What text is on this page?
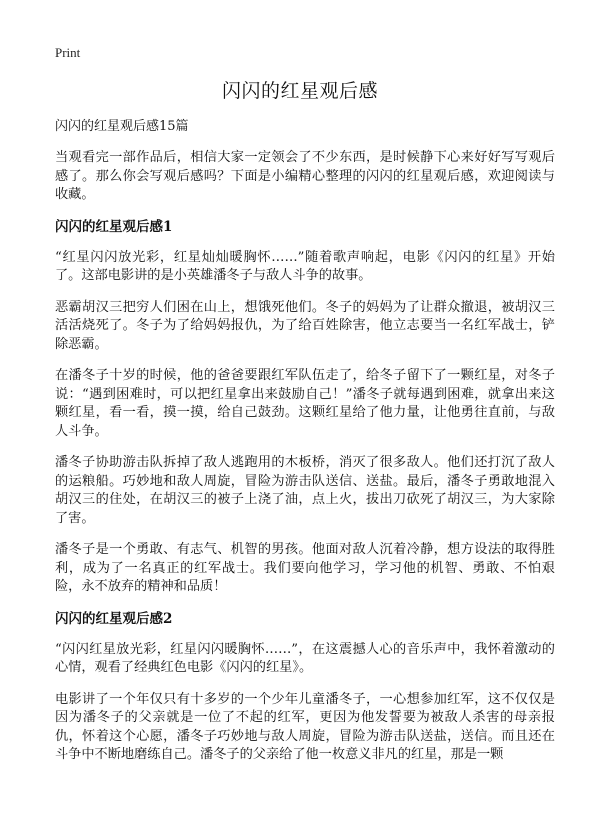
Print
闪闪的红星观后感

闪闪的红星观后感15篇

当观看完一部作品后，相信大家一定领会了不少东西，是时候静下心来好好写写观后感了。那么你会写观后感吗？下面是小编精心整理的闪闪的红星观后感，欢迎阅读与收藏。

闪闪的红星观后感1

“红星闪闪放光彩，红星灿灿暖胸怀……”随着歌声响起，电影《闪闪的红星》开始了。这部电影讲的是小英雄潘冬子与敌人斗争的故事。

恶霸胡汉三把穷人们困在山上，想饿死他们。冬子的妈妈为了让群众撤退，被胡汉三活活烧死了。冬子为了给妈妈报仇，为了给百姓除害，他立志要当一名红军战士，铲除恶霸。

在潘冬子十岁的时候，他的爸爸要跟红军队伍走了，给冬子留下了一颗红星，对冬子说：“遇到困难时，可以把红星拿出来鼓励自己！”潘冬子就每遇到困难，就拿出来这颗红星，看一看，摸一摸，给自己鼓劲。这颗红星给了他力量，让他勇往直前，与敌人斗争。

潘冬子协助游击队拆掉了敌人逃跑用的木板桥，消灭了很多敌人。他们还打沉了敌人的运粮船。巧妙地和敌人周旋，冒险为游击队送信、送盐。最后，潘冬子勇敢地混入胡汉三的住处，在胡汉三的被子上浇了油，点上火，拔出刀砍死了胡汉三，为大家除了害。

潘冬子是一个勇敢、有志气、机智的男孩。他面对敌人沉着冷静，想方设法的取得胜利，成为了一名真正的红军战士。我们要向他学习，学习他的机智、勇敢、不怕艰险，永不放弃的精神和品质！

闪闪的红星观后感2

“闪闪红星放光彩，红星闪闪暖胸怀……”，在这震撼人心的音乐声中，我怀着激动的心情，观看了经典红色电影《闪闪的红星》。

电影讲了一个年仅只有十多岁的一个少年儿童潘冬子，一心想参加红军，这不仅仅是因为潘冬子的父亲就是一位了不起的红军，更因为他发誓要为被敌人杀害的母亲报仇，怀着这个心愿，潘冬子巧妙地与敌人周旋，冒险为游击队送盐，送信。而且还在斗争中不断地磨练自己。潘冬子的父亲给了他一枚意义非凡的红星，那是一颗
